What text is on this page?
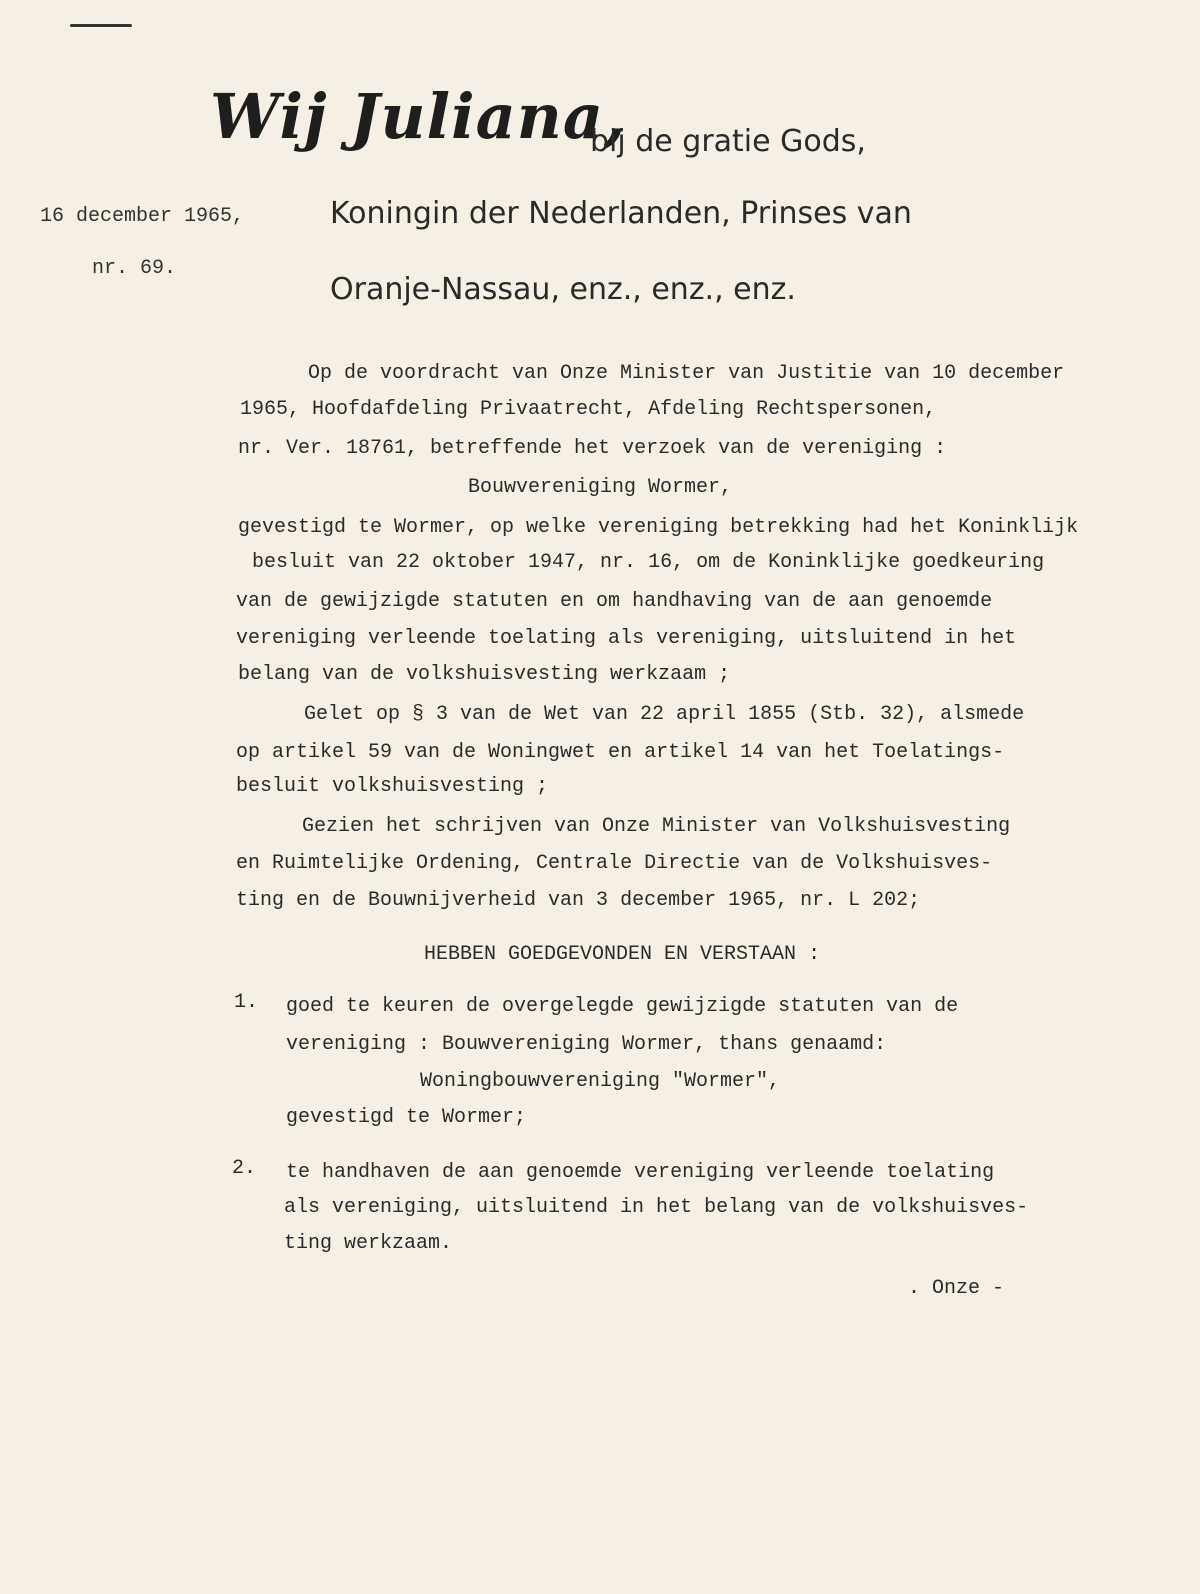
Wij Juliana,
bij de gratie Gods,
Koningin der Nederlanden, Prinses van
Oranje-Nassau, enz., enz., enz.
16 december 1965,
nr. 69.
Op de voordracht van Onze Minister van Justitie van 10 december
1965, Hoofdafdeling Privaatrecht, Afdeling Rechtspersonen,
nr. Ver. 18761, betreffende het verzoek van de vereniging :
Bouwvereniging Wormer,
gevestigd te Wormer, op welke vereniging betrekking had het Koninklijk
besluit van 22 oktober 1947, nr. 16, om de Koninklijke goedkeuring
van de gewijzigde statuten en om handhaving van de aan genoemde
vereniging verleende toelating als vereniging, uitsluitend in het
belang van de volkshuisvesting werkzaam ;
Gelet op § 3 van de Wet van 22 april 1855 (Stb. 32), alsmede
op artikel 59 van de Woningwet en artikel 14 van het Toelatings-
besluit volkshuisvesting ;
Gezien het schrijven van Onze Minister van Volkshuisvesting
en Ruimtelijke Ordening, Centrale Directie van de Volkshuisves-
ting en de Bouwnijverheid van 3 december 1965, nr. L 202;
HEBBEN GOEDGEVONDEN EN VERSTAAN :
1. goed te keuren de overgelegde gewijzigde statuten van de
vereniging : Bouwvereniging Wormer, thans genaamd:
Woningbouwvereniging "Wormer",
gevestigd te Wormer;
2. te handhaven de aan genoemde vereniging verleende toelating
als vereniging, uitsluitend in het belang van de volkshuisves-
ting werkzaam.
. Onze -
